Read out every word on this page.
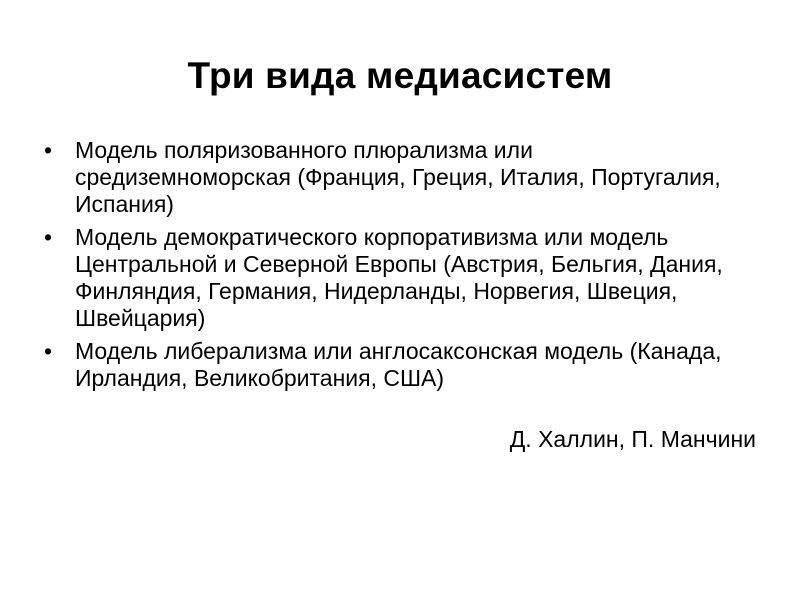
Три вида медиасистем
• Модель поляризованного плюрализма или средиземноморская (Франция, Греция, Италия, Португалия, Испания)
• Модель демократического корпоративизма или модель Центральной и Северной Европы (Австрия, Бельгия, Дания, Финляндия, Германия, Нидерланды, Норвегия, Швеция, Швейцария)
• Модель либерализма или англосаксонская модель (Канада, Ирландия, Великобритания, США)
Д. Халлин, П. Манчини
